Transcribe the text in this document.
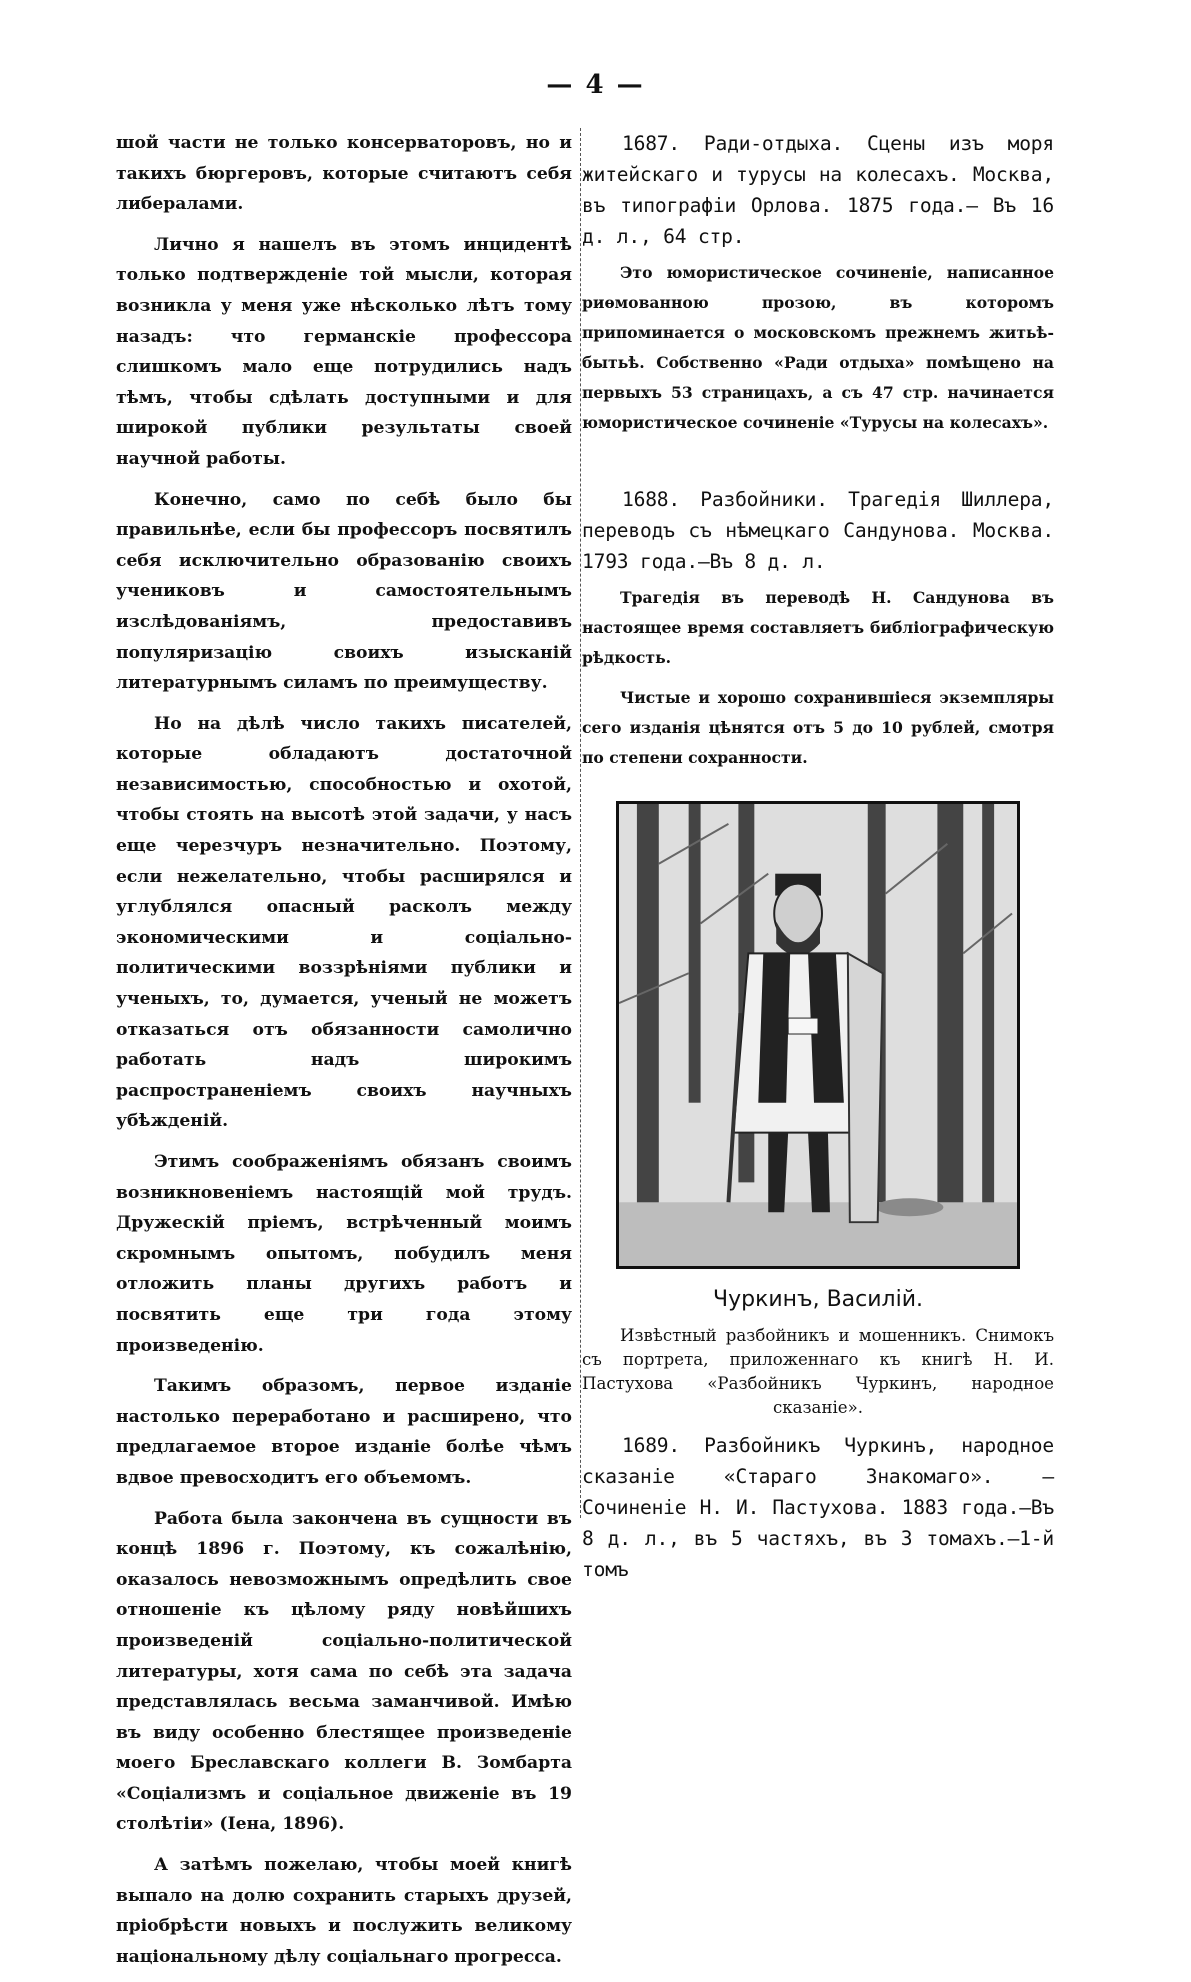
— 4 —

шой части не только консерваторовъ, но и такихъ бюргеровъ, которые считаютъ себя либералами.

Лично я нашелъ въ этомъ инцидентѣ только подтвержденіе той мысли, которая возникла у меня уже нѣсколько лѣтъ тому назадъ: что германскіе профессора слишкомъ мало еще потрудились надъ тѣмъ, чтобы сдѣлать доступными и для широкой публики результаты своей научной работы.

Конечно, само по себѣ было бы правильнѣе, если бы профессоръ посвятилъ себя исключительно образованію своихъ учениковъ и самостоятельнымъ изслѣдованіямъ, предоставивъ популяризацію своихъ изысканій литературнымъ силамъ по преимуществу.

Но на дѣлѣ число такихъ писателей, которые обладаютъ достаточной независимостью, способностью и охотой, чтобы стоять на высотѣ этой задачи, у насъ еще черезчуръ незначительно. Поэтому, если нежелательно, чтобы расширялся и углублялся опасный расколъ между экономическими и соціально-политическими воззрѣніями публики и ученыхъ, то, думается, ученый не можетъ отказаться отъ обязанности самолично работать надъ широкимъ распространеніемъ своихъ научныхъ убѣжденій.

Этимъ соображеніямъ обязанъ своимъ возникновеніемъ настоящій мой трудъ. Дружескій пріемъ, встрѣченный моимъ скромнымъ опытомъ, побудилъ меня отложить планы другихъ работъ и посвятить еще три года этому произведенію.

Такимъ образомъ, первое изданіе настолько переработано и расширено, что предлагаемое второе изданіе болѣе чѣмъ вдвое превосходитъ его объемомъ.

Работа была закончена въ сущности въ концѣ 1896 г. Поэтому, къ сожалѣнію, оказалось невозможнымъ опредѣлить свое отношеніе къ цѣлому ряду новѣйшихъ произведеній соціально-политической литературы, хотя сама по себѣ эта задача представлялась весьма заманчивой. Имѣю въ виду особенно блестящее произведеніе моего Бреславскаго коллеги В. Зомбарта «Соціализмъ и соціальное движеніе въ 19 столѣтіи» (Іена, 1896).

А затѣмъ пожелаю, чтобы моей книгѣ выпало на долю сохранить старыхъ друзей, пріобрѣсти новыхъ и послужить великому національному дѣлу соціальнаго прогресса.

1687. Ради-отдыха. Сцены изъ моря житейскаго и турусы на колесахъ. Москва, въ типографіи Орлова. 1875 года.— Въ 16 д. л., 64 стр.

Это юмористическое сочиненіе, написанное риѳмованною прозою, въ которомъ припоминается о московскомъ прежнемъ житьѣ-бытьѣ. Собственно «Ради отдыха» помѣщено на первыхъ 53 страницахъ, а съ 47 стр. начинается юмористическое сочиненіе «Турусы на колесахъ».

1688. Разбойники. Трагедія Шиллера, переводъ съ нѣмецкаго Сандунова. Москва. 1793 года.—Въ 8 д. л.

Трагедія въ переводѣ Н. Сандунова въ настоящее время составляетъ библіографическую рѣдкость.

Чистые и хорошо сохранившіеся экземпляры сего изданія цѣнятся отъ 5 до 10 рублей, смотря по степени сохранности.

Чуркинъ, Василій.

Извѣстный разбойникъ и мошенникъ. Снимокъ съ портрета, приложеннаго къ книгѣ Н. И. Пастухова «Разбойникъ Чуркинъ, народное сказаніе».

1689. Разбойникъ Чуркинъ, народное сказаніе «Стараго Знакомаго». — Сочиненіе Н. И. Пастухова. 1883 года.—Въ 8 д. л., въ 5 частяхъ, въ 3 томахъ.—1-й томъ
